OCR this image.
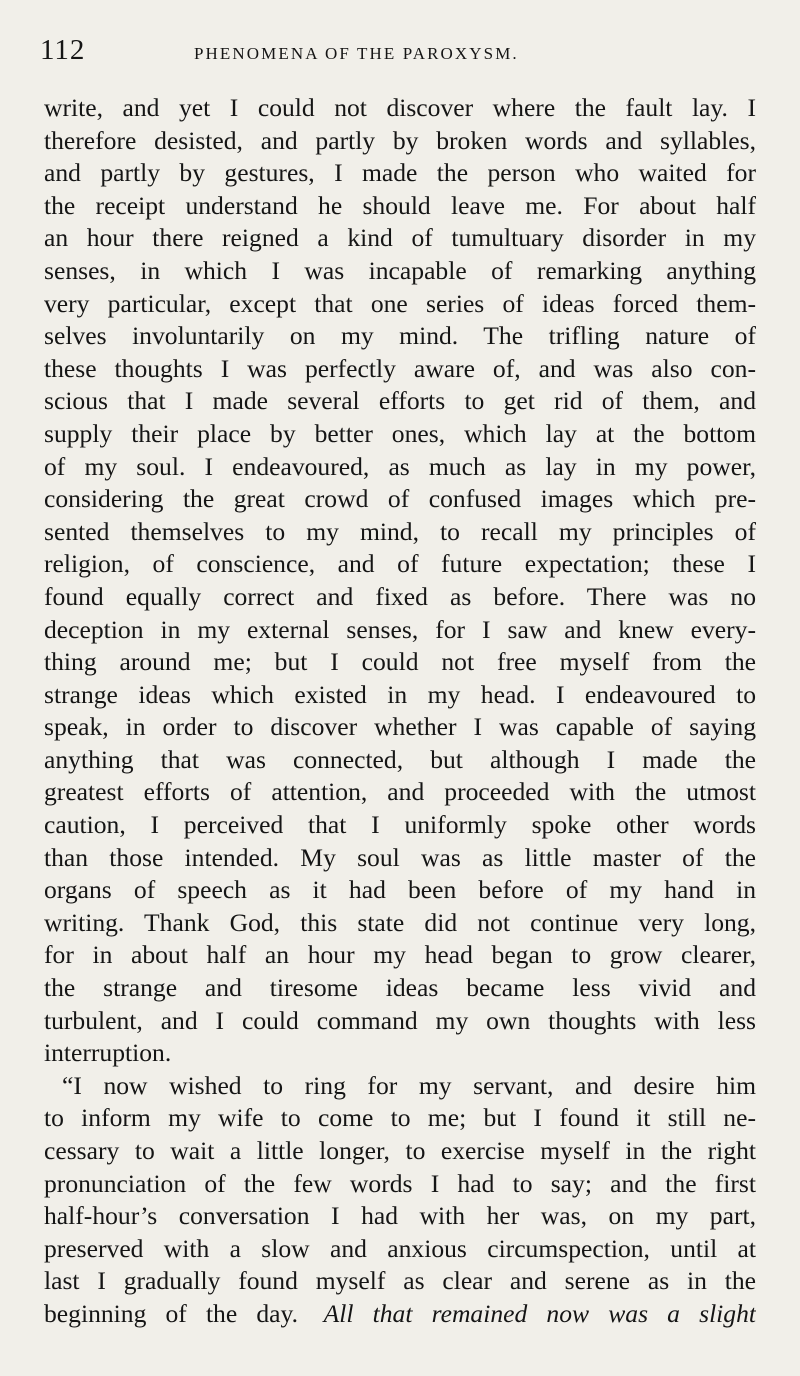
112	PHENOMENA OF THE PAROXYSM.
write, and yet I could not discover where the fault lay. I
therefore desisted, and partly by broken words and syllables,
and partly by gestures, I made the person who waited for
the receipt understand he should leave me. For about half
an hour there reigned a kind of tumultuary disorder in my
senses, in which I was incapable of remarking anything
very particular, except that one series of ideas forced them-
selves involuntarily on my mind. The trifling nature of
these thoughts I was perfectly aware of, and was also con-
scious that I made several efforts to get rid of them, and
supply their place by better ones, which lay at the bottom
of my soul. I endeavoured, as much as lay in my power,
considering the great crowd of confused images which pre-
sented themselves to my mind, to recall my principles of
religion, of conscience, and of future expectation; these I
found equally correct and fixed as before. There was no
deception in my external senses, for I saw and knew every-
thing around me; but I could not free myself from the
strange ideas which existed in my head. I endeavoured to
speak, in order to discover whether I was capable of saying
anything that was connected, but although I made the
greatest efforts of attention, and proceeded with the utmost
caution, I perceived that I uniformly spoke other words
than those intended. My soul was as little master of the
organs of speech as it had been before of my hand in
writing. Thank God, this state did not continue very long,
for in about half an hour my head began to grow clearer,
the strange and tiresome ideas became less vivid and
turbulent, and I could command my own thoughts with less
interruption.
“I now wished to ring for my servant, and desire him
to inform my wife to come to me; but I found it still ne-
cessary to wait a little longer, to exercise myself in the right
pronunciation of the few words I had to say; and the first
half-hour’s conversation I had with her was, on my part,
preserved with a slow and anxious circumspection, until at
last I gradually found myself as clear and serene as in the
beginning of the day.  All that remained now was a slight
